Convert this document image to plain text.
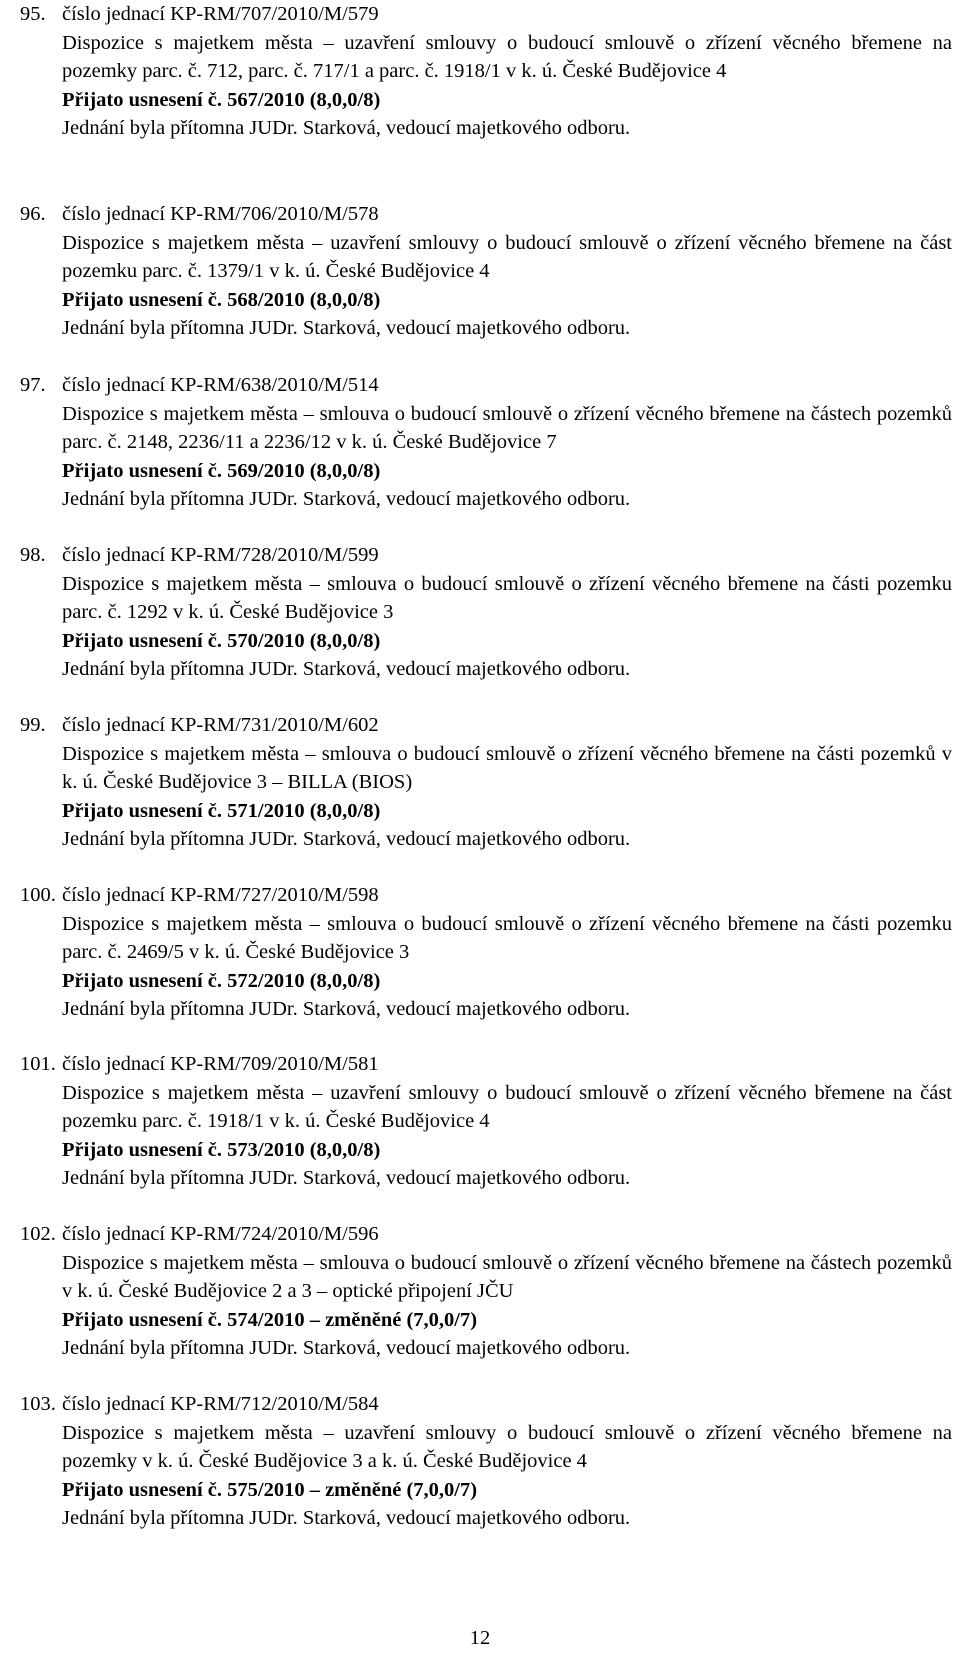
95. číslo jednací KP-RM/707/2010/M/579
Dispozice s majetkem města – uzavření smlouvy o budoucí smlouvě o zřízení věcného břemene na pozemky parc. č. 712, parc. č. 717/1 a parc. č. 1918/1 v k. ú. České Budějovice 4
Přijato usnesení č. 567/2010 (8,0,0/8)
Jednání byla přítomna JUDr. Starková, vedoucí majetkového odboru.
96. číslo jednací KP-RM/706/2010/M/578
Dispozice s majetkem města – uzavření smlouvy o budoucí smlouvě o zřízení věcného břemene na část pozemku parc. č. 1379/1 v k. ú. České Budějovice 4
Přijato usnesení č. 568/2010 (8,0,0/8)
Jednání byla přítomna JUDr. Starková, vedoucí majetkového odboru.
97. číslo jednací KP-RM/638/2010/M/514
Dispozice s majetkem města – smlouva o budoucí smlouvě o zřízení věcného břemene na částech pozemků parc. č. 2148, 2236/11 a 2236/12 v k. ú. České Budějovice 7
Přijato usnesení č. 569/2010 (8,0,0/8)
Jednání byla přítomna JUDr. Starková, vedoucí majetkového odboru.
98. číslo jednací KP-RM/728/2010/M/599
Dispozice s majetkem města – smlouva o budoucí smlouvě o zřízení věcného břemene na části pozemku parc. č. 1292 v k. ú. České Budějovice 3
Přijato usnesení č. 570/2010 (8,0,0/8)
Jednání byla přítomna JUDr. Starková, vedoucí majetkového odboru.
99. číslo jednací KP-RM/731/2010/M/602
Dispozice s majetkem města – smlouva o budoucí smlouvě o zřízení věcného břemene na části pozemků v k. ú. České Budějovice 3 – BILLA (BIOS)
Přijato usnesení č. 571/2010 (8,0,0/8)
Jednání byla přítomna JUDr. Starková, vedoucí majetkového odboru.
100. číslo jednací KP-RM/727/2010/M/598
Dispozice s majetkem města – smlouva o budoucí smlouvě o zřízení věcného břemene na části pozemku parc. č. 2469/5 v k. ú. České Budějovice 3
Přijato usnesení č. 572/2010 (8,0,0/8)
Jednání byla přítomna JUDr. Starková, vedoucí majetkového odboru.
101. číslo jednací KP-RM/709/2010/M/581
Dispozice s majetkem města – uzavření smlouvy o budoucí smlouvě o zřízení věcného břemene na část pozemku parc. č. 1918/1 v k. ú. České Budějovice 4
Přijato usnesení č. 573/2010 (8,0,0/8)
Jednání byla přítomna JUDr. Starková, vedoucí majetkového odboru.
102. číslo jednací KP-RM/724/2010/M/596
Dispozice s majetkem města – smlouva o budoucí smlouvě o zřízení věcného břemene na částech pozemků v k. ú. České Budějovice 2 a 3 – optické připojení JČU
Přijato usnesení č. 574/2010 – změněné (7,0,0/7)
Jednání byla přítomna JUDr. Starková, vedoucí majetkového odboru.
103. číslo jednací KP-RM/712/2010/M/584
Dispozice s majetkem města – uzavření smlouvy o budoucí smlouvě o zřízení věcného břemene na pozemky v k. ú. České Budějovice 3 a k. ú. České Budějovice 4
Přijato usnesení č. 575/2010 – změněné (7,0,0/7)
Jednání byla přítomna JUDr. Starková, vedoucí majetkového odboru.
12
